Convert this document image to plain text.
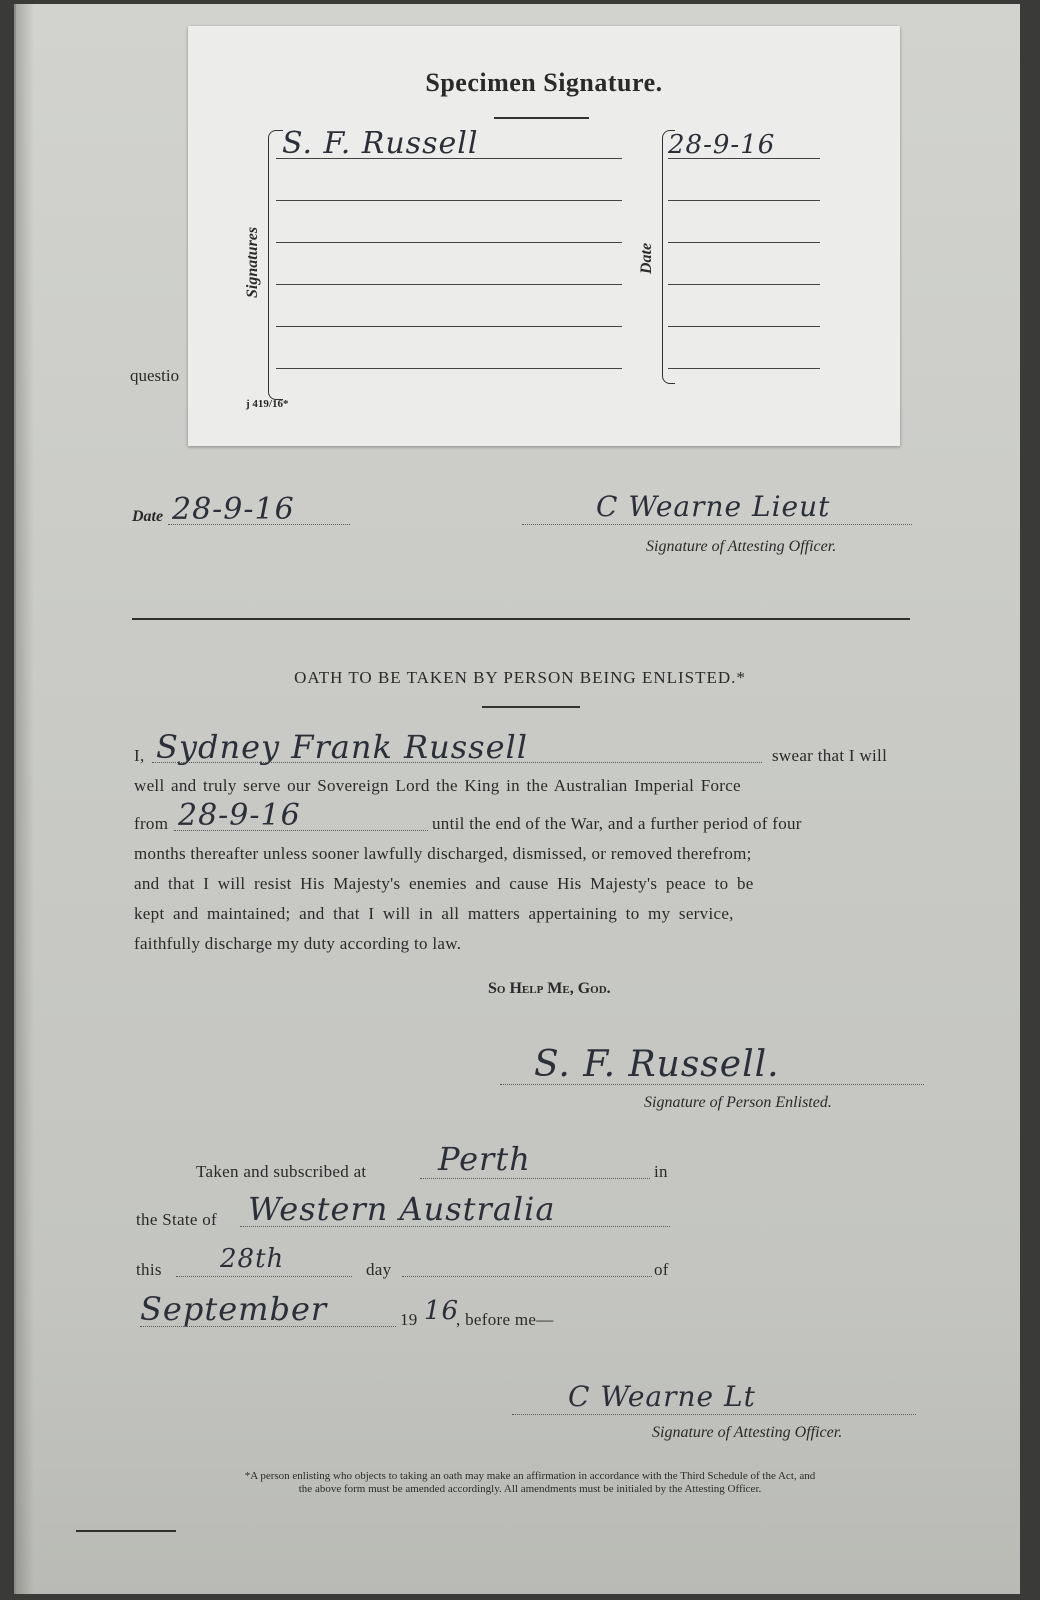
questio
Specimen Signature.
Signatures
S. F. Russell
Date
28-9-16
j 419/16*
Date 28-9-16	C Wearne Lieut
Signature of Attesting Officer.
OATH TO BE TAKEN BY PERSON BEING ENLISTED.*
I, Sydney Frank Russell	swear that I will
well and truly serve our Sovereign Lord the King in the Australian Imperial Force
from 28-9-16	until the end of the War, and a further period of four
months thereafter unless sooner lawfully discharged, dismissed, or removed therefrom;
and that I will resist His Majesty's enemies and cause His Majesty's peace to be
kept and maintained; and that I will in all matters appertaining to my service,
faithfully discharge my duty according to law.
So Help Me, God.
S. F. Russell.
Signature of Person Enlisted.
Taken and subscribed at Perth	in
the State of Western Australia
this 28th	day	of
September	19 16
, before me—
C Wearne Lt
Signature of Attesting Officer.
*A person enlisting who objects to taking an oath may make an affirmation in accordance with the Third Schedule of the Act, and
the above form must be amended accordingly. All amendments must be initialed by the Attesting Officer.
